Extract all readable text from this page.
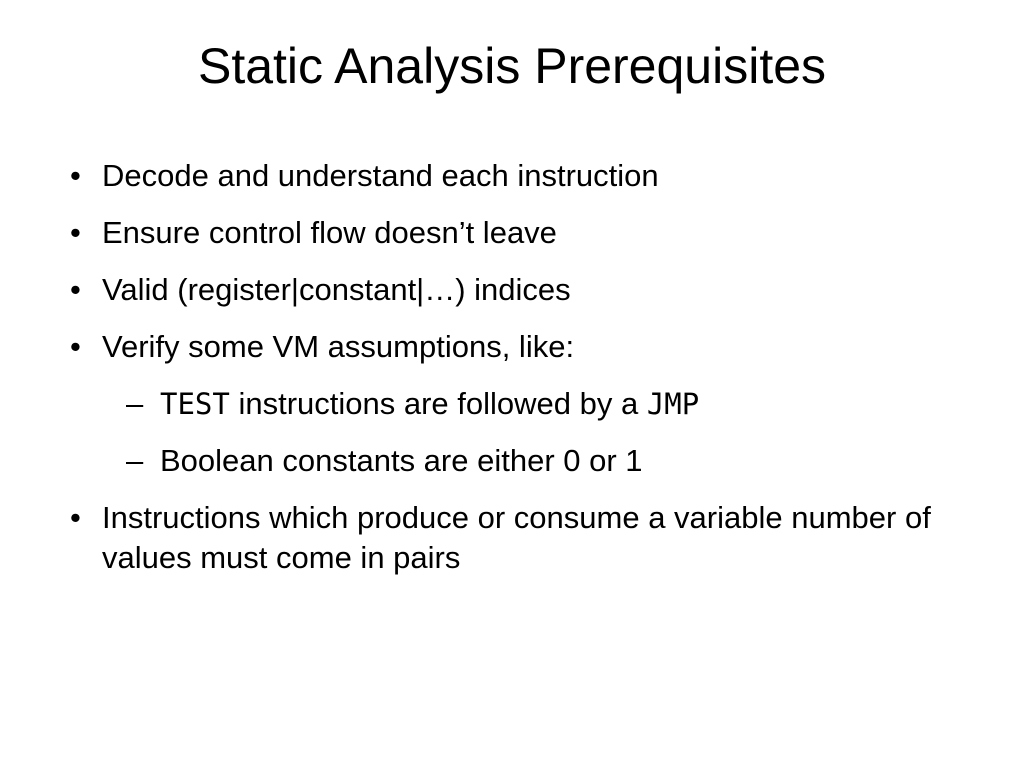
Static Analysis Prerequisites
• Decode and understand each instruction
• Ensure control flow doesn’t leave
• Valid (register|constant|…) indices
• Verify some VM assumptions, like:
– TEST instructions are followed by a JMP
– Boolean constants are either 0 or 1
• Instructions which produce or consume a variable number of values must come in pairs
